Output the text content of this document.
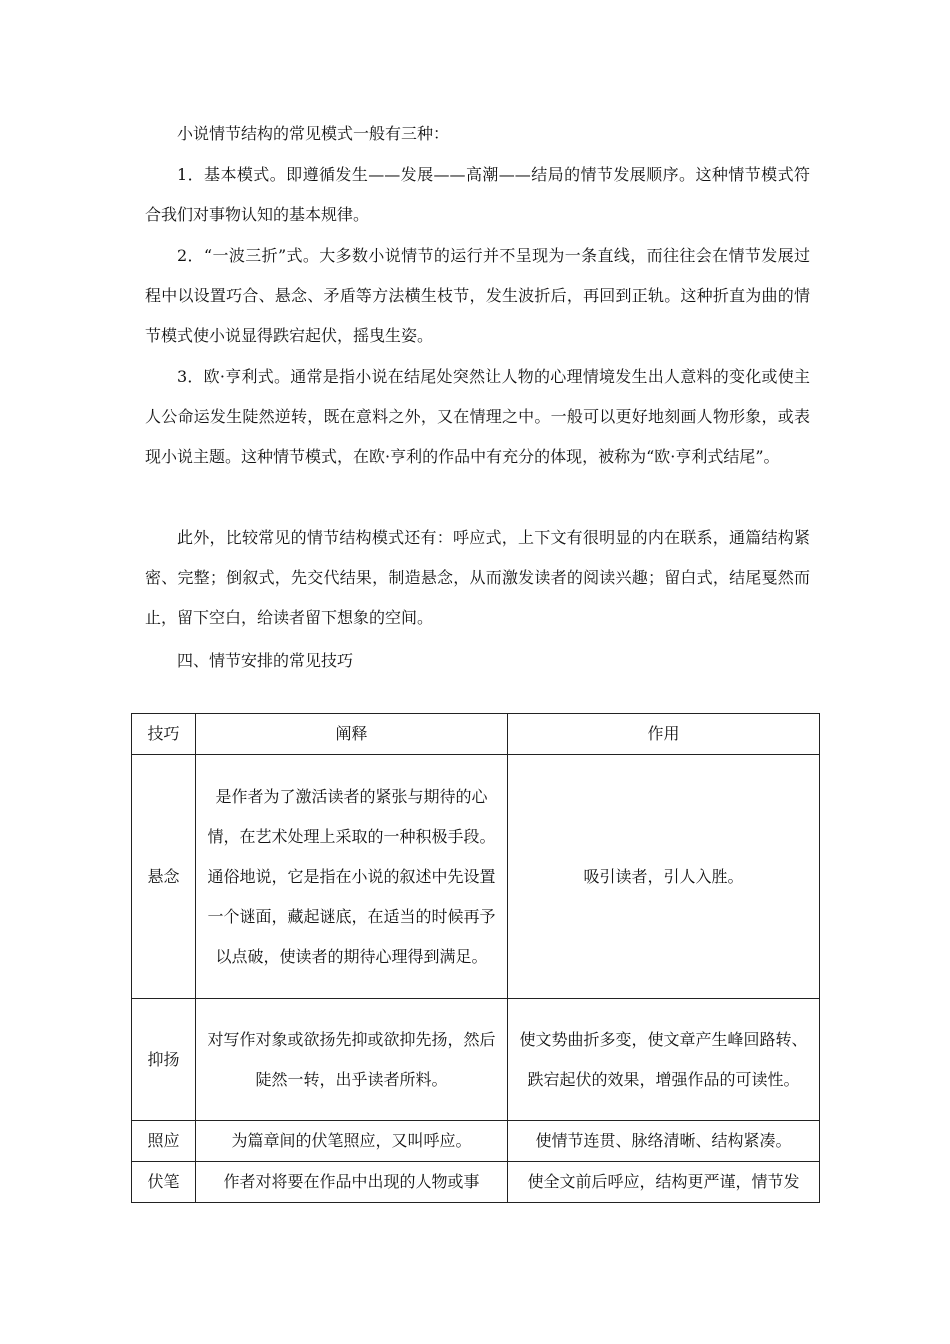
小说情节结构的常见模式一般有三种：

1．基本模式。即遵循发生——发展——高潮——结局的情节发展顺序。这种情节模式符合我们对事物认知的基本规律。

2．“一波三折”式。大多数小说情节的运行并不呈现为一条直线，而往往会在情节发展过程中以设置巧合、悬念、矛盾等方法横生枝节，发生波折后，再回到正轨。这种折直为曲的情节模式使小说显得跌宕起伏，摇曳生姿。

3．欧·亨利式。通常是指小说在结尾处突然让人物的心理情境发生出人意料的变化或使主人公命运发生陡然逆转，既在意料之外，又在情理之中。一般可以更好地刻画人物形象，或表现小说主题。这种情节模式，在欧·亨利的作品中有充分的体现，被称为“欧·亨利式结尾”。

此外，比较常见的情节结构模式还有：呼应式，上下文有很明显的内在联系，通篇结构紧密、完整；倒叙式，先交代结果，制造悬念，从而激发读者的阅读兴趣；留白式，结尾戛然而止，留下空白，给读者留下想象的空间。

四、情节安排的常见技巧

技巧	阐释	作用
悬念	是作者为了激活读者的紧张与期待的心情，在艺术处理上采取的一种积极手段。通俗地说，它是指在小说的叙述中先设置一个谜面，藏起谜底，在适当的时候再予以点破，使读者的期待心理得到满足。	吸引读者，引人入胜。
抑扬	对写作对象或欲扬先抑或欲抑先扬，然后陡然一转，出乎读者所料。	使文势曲折多变，使文章产生峰回路转、跌宕起伏的效果，增强作品的可读性。
照应	为篇章间的伏笔照应，又叫呼应。	使情节连贯、脉络清晰、结构紧凑。
伏笔	作者对将要在作品中出现的人物或事	使全文前后呼应，结构更严谨，情节发
